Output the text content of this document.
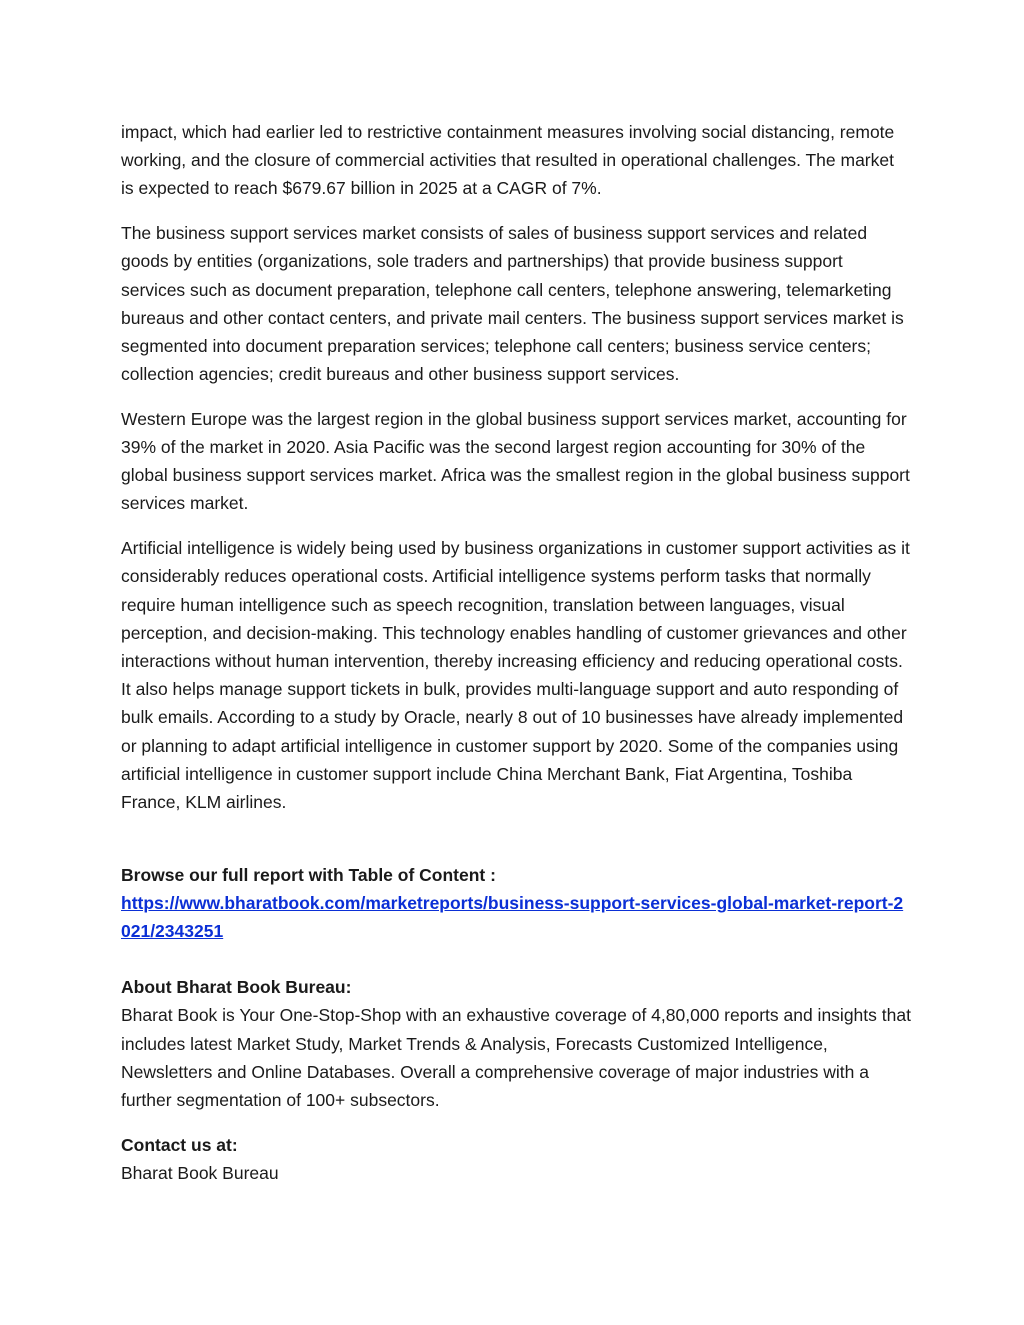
impact, which had earlier led to restrictive containment measures involving social distancing, remote working, and the closure of commercial activities that resulted in operational challenges. The market is expected to reach $679.67 billion in 2025 at a CAGR of 7%.

The business support services market consists of sales of business support services and related goods by entities (organizations, sole traders and partnerships) that provide business support services such as document preparation, telephone call centers, telephone answering, telemarketing bureaus and other contact centers, and private mail centers. The business support services market is segmented into document preparation services; telephone call centers; business service centers; collection agencies; credit bureaus and other business support services.

Western Europe was the largest region in the global business support services market, accounting for 39% of the market in 2020. Asia Pacific was the second largest region accounting for 30% of the global business support services market. Africa was the smallest region in the global business support services market.

Artificial intelligence is widely being used by business organizations in customer support activities as it considerably reduces operational costs. Artificial intelligence systems perform tasks that normally require human intelligence such as speech recognition, translation between languages, visual perception, and decision-making. This technology enables handling of customer grievances and other interactions without human intervention, thereby increasing efficiency and reducing operational costs. It also helps manage support tickets in bulk, provides multi-language support and auto responding of bulk emails. According to a study by Oracle, nearly 8 out of 10 businesses have already implemented or planning to adapt artificial intelligence in customer support by 2020. Some of the companies using artificial intelligence in customer support include China Merchant Bank, Fiat Argentina, Toshiba France, KLM airlines.

Browse our full report with Table of Content :
https://www.bharatbook.com/marketreports/business-support-services-global-market-report-2021/2343251
About Bharat Book Bureau:

Bharat Book is Your One-Stop-Shop with an exhaustive coverage of 4,80,000 reports and insights that includes latest Market Study, Market Trends & Analysis, Forecasts Customized Intelligence, Newsletters and Online Databases. Overall a comprehensive coverage of major industries with a further segmentation of 100+ subsectors.

Contact us at:
Bharat Book Bureau
